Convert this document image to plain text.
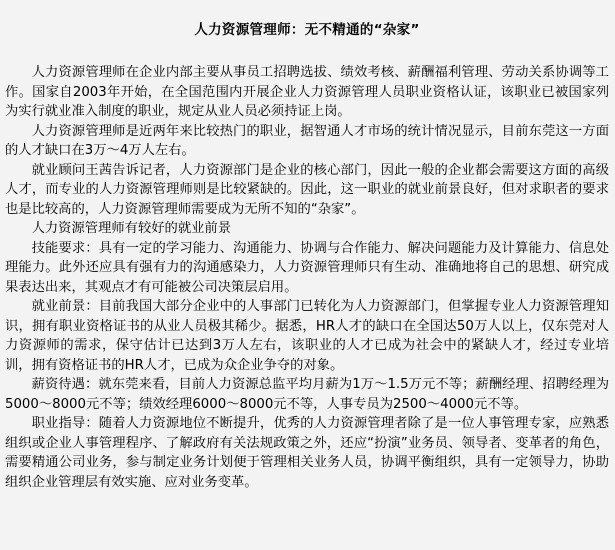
人力资源管理师：无不精通的“杂家”

人力资源管理师在企业内部主要从事员工招聘选拔、绩效考核、薪酬福利管理、劳动关系协调等工作。国家自2003年开始，在全国范围内开展企业人力资源管理人员职业资格认证，该职业已被国家列为实行就业准入制度的职业，规定从业人员必须持证上岗。

人力资源管理师是近两年来比较热门的职业，据智通人才市场的统计情况显示，目前东莞这一方面的人才缺口在3万～4万人左右。

就业顾问王茜告诉记者，人力资源部门是企业的核心部门，因此一般的企业都会需要这方面的高级人才，而专业的人力资源管理师则是比较紧缺的。因此，这一职业的就业前景良好，但对求职者的要求也是比较高的，人力资源管理师需要成为无所不知的“杂家”。

人力资源管理师有较好的就业前景

技能要求：具有一定的学习能力、沟通能力、协调与合作能力、解决问题能力及计算能力、信息处理能力。此外还应具有强有力的沟通感染力，人力资源管理师只有生动、准确地将自己的思想、研究成果表达出来，其观点才有可能被公司决策层启用。

就业前景：目前我国大部分企业中的人事部门已转化为人力资源部门，但掌握专业人力资源管理知识，拥有职业资格证书的从业人员极其稀少。据悉，HR人才的缺口在全国达50万人以上，仅东莞对人力资源师的需求，保守估计已达到3万人左右，该职业的人才已成为社会中的紧缺人才，经过专业培训，拥有资格证书的HR人才，已成为众企业争夺的对象。

薪资待遇：就东莞来看，目前人力资源总监平均月薪为1万～1.5万元不等；薪酬经理、招聘经理为5000～8000元不等；绩效经理6000～8000元不等，人事专员为2500～4000元不等。

职业指导：随着人力资源地位不断提升，优秀的人力资源管理者除了是一位人事管理专家，应熟悉组织或企业人事管理程序、了解政府有关法规政策之外，还应“扮演”业务员、领导者、变革者的角色，需要精通公司业务，参与制定业务计划便于管理相关业务人员，协调平衡组织，具有一定领导力，协助组织企业管理层有效实施、应对业务变革。
